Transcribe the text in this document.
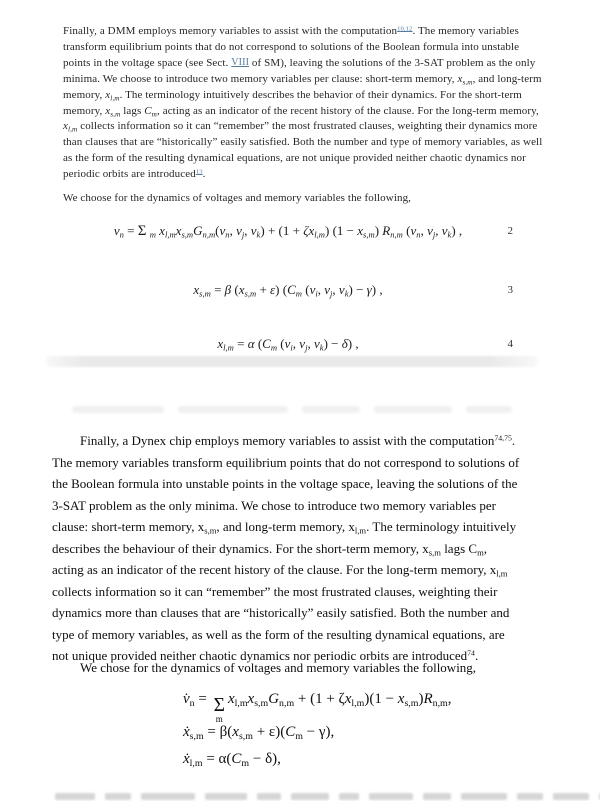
Finally, a DMM employs memory variables to assist with the computation$^{10,12}$. The memory variables
transform equilibrium points that do not correspond to solutions of the Boolean formula into unstable
points in the voltage space (see Sect. VIII of SM), leaving the solutions of the 3-SAT problem as the only
minima. We choose to introduce two memory variables per clause: short-term memory, $x_{s,m}$, and long-term
memory, $x_{l,m}$. The terminology intuitively describes the behavior of their dynamics. For the short-term
memory, $x_{s,m}$ lags $C_m$, acting as an indicator of the recent history of the clause. For the long-term memory,
$x_{l,m}$ collects information so it can “remember” the most frustrated clauses, weighting their dynamics more
than clauses that are “historically” easily satisfied. Both the number and type of memory variables, as well
as the form of the resulting dynamical equations, are not unique provided neither chaotic dynamics nor
periodic orbits are introduced$^{13}$.

We choose for the dynamics of voltages and memory variables the following,

$v_n = \Sigma$ $_m$ $x_{l,m}x_{s,m}G_{n,m}(v_n$, $v_j$, $v_k) + (1 + \zeta x_{l,m})$ $(1 - x_{s,m})$ $R_{n,m}$ ($v_n$, $v_j$, $v_k$) ,	2
$x_{s,m} = \beta$ $(x_{s,m} + \varepsilon)$ ($C_m$ ($v_i$, $v_j$, $v_k) - \gamma$) ,	3
$x_{l,m} = \alpha$ ($C_m$ ($v_i$, $v_j$, $v_k) - \delta$) ,	4

Finally, a Dynex chip employs memory variables to assist with the computation$^{74,75}$.
The memory variables transform equilibrium points that do not correspond to solutions of
the Boolean formula into unstable points in the voltage space, leaving the solutions of the
3-SAT problem as the only minima. We chose to introduce two memory variables per
clause: short-term memory, $x_{s,m}$, and long-term memory, $x_{l,m}$. The terminology intuitively
describes the behaviour of their dynamics. For the short-term memory, $x_{s,m}$ lags $C_m$,
acting as an indicator of the recent history of the clause. For the long-term memory, $x_{l,m}$
collects information so it can “remember” the most frustrated clauses, weighting their
dynamics more than clauses that are “historically” easily satisfied. Both the number and
type of memory variables, as well as the form of the resulting dynamical equations, are
not unique provided neither chaotic dynamics nor periodic orbits are introduced$^{74}$.

We chose for the dynamics of voltages and memory variables the following,

$v̇_n = \Sigma$
m
$x_{l,m}x_{s,m}G_{n,m} + (1 + \zeta x_{l,m})(1 - x_{s,m})R_{n,m}$,
ẋ$_{s,m}$ = $\beta(x_{s,m} + \varepsilon)(C_m - \gamma)$,
ẋ$_{l,m}$ = $\alpha(C_m - \delta)$,
